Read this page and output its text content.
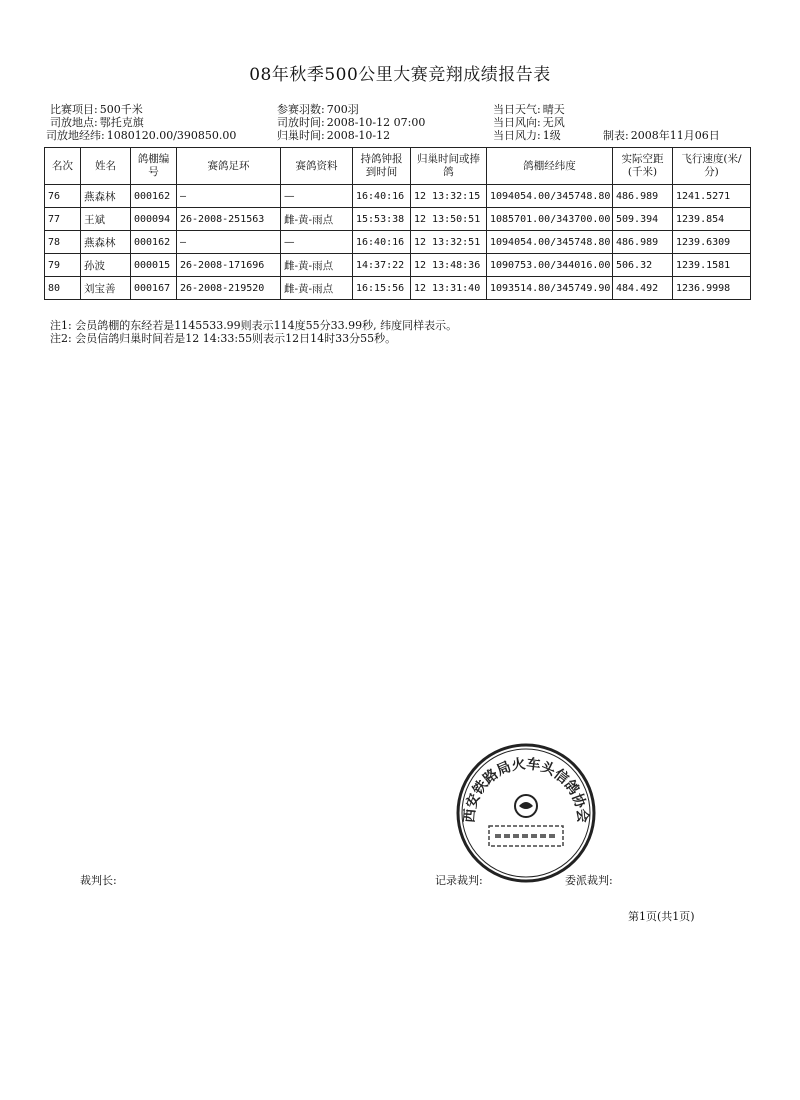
08年秋季500公里大赛竞翔成绩报告表
比赛项目: 500千米	参赛羽数: 700羽	当日天气: 晴天
司放地点: 鄂托克旗	司放时间: 2008-10-12 07:00	当日风向: 无风
司放地经纬: 1080120.00/390850.00	归巢时间: 2008-10-12	当日风力: 1级	制表: 2008年11月06日
名次	姓名	鸽棚编号	赛鸽足环	赛鸽资料	持鸽钟报到时间	归巢时间或捧鸽	鸽棚经纬度	实际空距(千米)	飞行速度(米/分)
76	燕森林	000162	—	—	16:40:16	12 13:32:15	1094054.00/345748.80	486.989	1241.5271
77	王斌	000094	26-2008-251563	雌-黄-雨点	15:53:38	12 13:50:51	1085701.00/343700.00	509.394	1239.854
78	燕森林	000162	—	—	16:40:16	12 13:32:51	1094054.00/345748.80	486.989	1239.6309
79	孙波	000015	26-2008-171696	雌-黄-雨点	14:37:22	12 13:48:36	1090753.00/344016.00	506.32	1239.1581
80	刘宝善	000167	26-2008-219520	雌-黄-雨点	16:15:56	12 13:31:40	1093514.80/345749.90	484.492	1236.9998
注1: 会员鸽棚的东经若是1145533.99则表示114度55分33.99秒, 纬度同样表示。
注2: 会员信鸽归巢时间若是12 14:33:55则表示12日14时33分55秒。
西安铁路局火车头信鸽协会
裁判长:	记录裁判:	委派裁判:
第1页(共1页)
